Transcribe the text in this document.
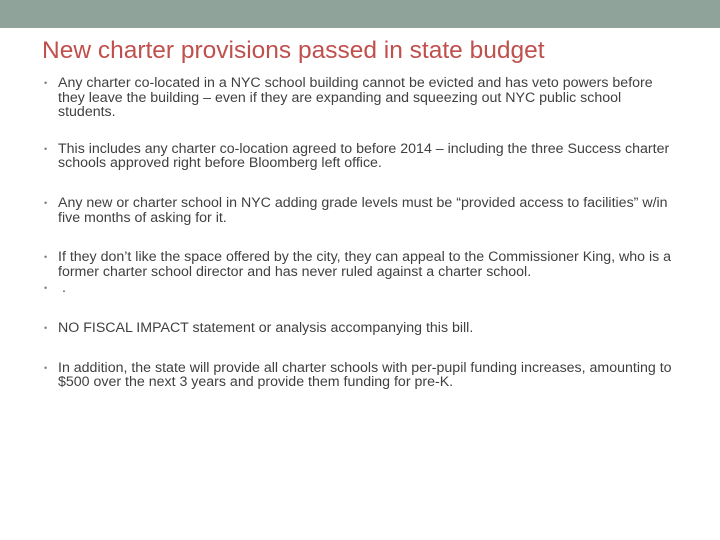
New charter provisions passed in state budget
• Any charter co-located in a NYC school building cannot be evicted and has veto powers before they leave the building – even if they are expanding and squeezing out NYC public school students.
• This includes any charter co-location agreed to before 2014 – including the three Success charter schools approved right before Bloomberg left office.
• Any new or charter school in NYC adding grade levels must be “provided access to facilities” w/in five months of asking for it.
• If they don’t like the space offered by the city, they can appeal to the Commissioner King, who is a former charter school director and has never ruled against a charter school.
• .
• NO FISCAL IMPACT statement or analysis accompanying this bill.
• In addition, the state will provide all charter schools with per-pupil funding increases, amounting to $500 over the next 3 years and provide them funding for pre-K.
